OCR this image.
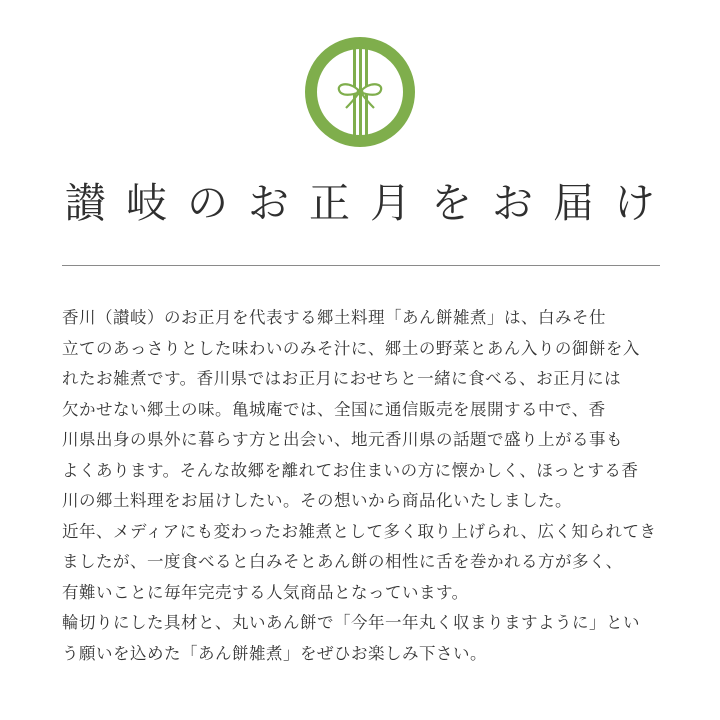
讃岐のお正月をお届け
香川（讃岐）のお正月を代表する郷土料理「あん餅雑煮」は、白みそ仕
立てのあっさりとした味わいのみそ汁に、郷土の野菜とあん入りの御餅を入
れたお雑煮です。香川県ではお正月におせちと一緒に食べる、お正月には
欠かせない郷土の味。亀城庵では、全国に通信販売を展開する中で、香
川県出身の県外に暮らす方と出会い、地元香川県の話題で盛り上がる事も
よくあります。そんな故郷を離れてお住まいの方に懐かしく、ほっとする香
川の郷土料理をお届けしたい。その想いから商品化いたしました。
近年、メディアにも変わったお雑煮として多く取り上げられ、広く知られてき
ましたが、一度食べると白みそとあん餅の相性に舌を巻かれる方が多く、
有難いことに毎年完売する人気商品となっています。
輪切りにした具材と、丸いあん餅で「今年一年丸く収まりますように」とい
う願いを込めた「あん餅雑煮」をぜひお楽しみ下さい。
